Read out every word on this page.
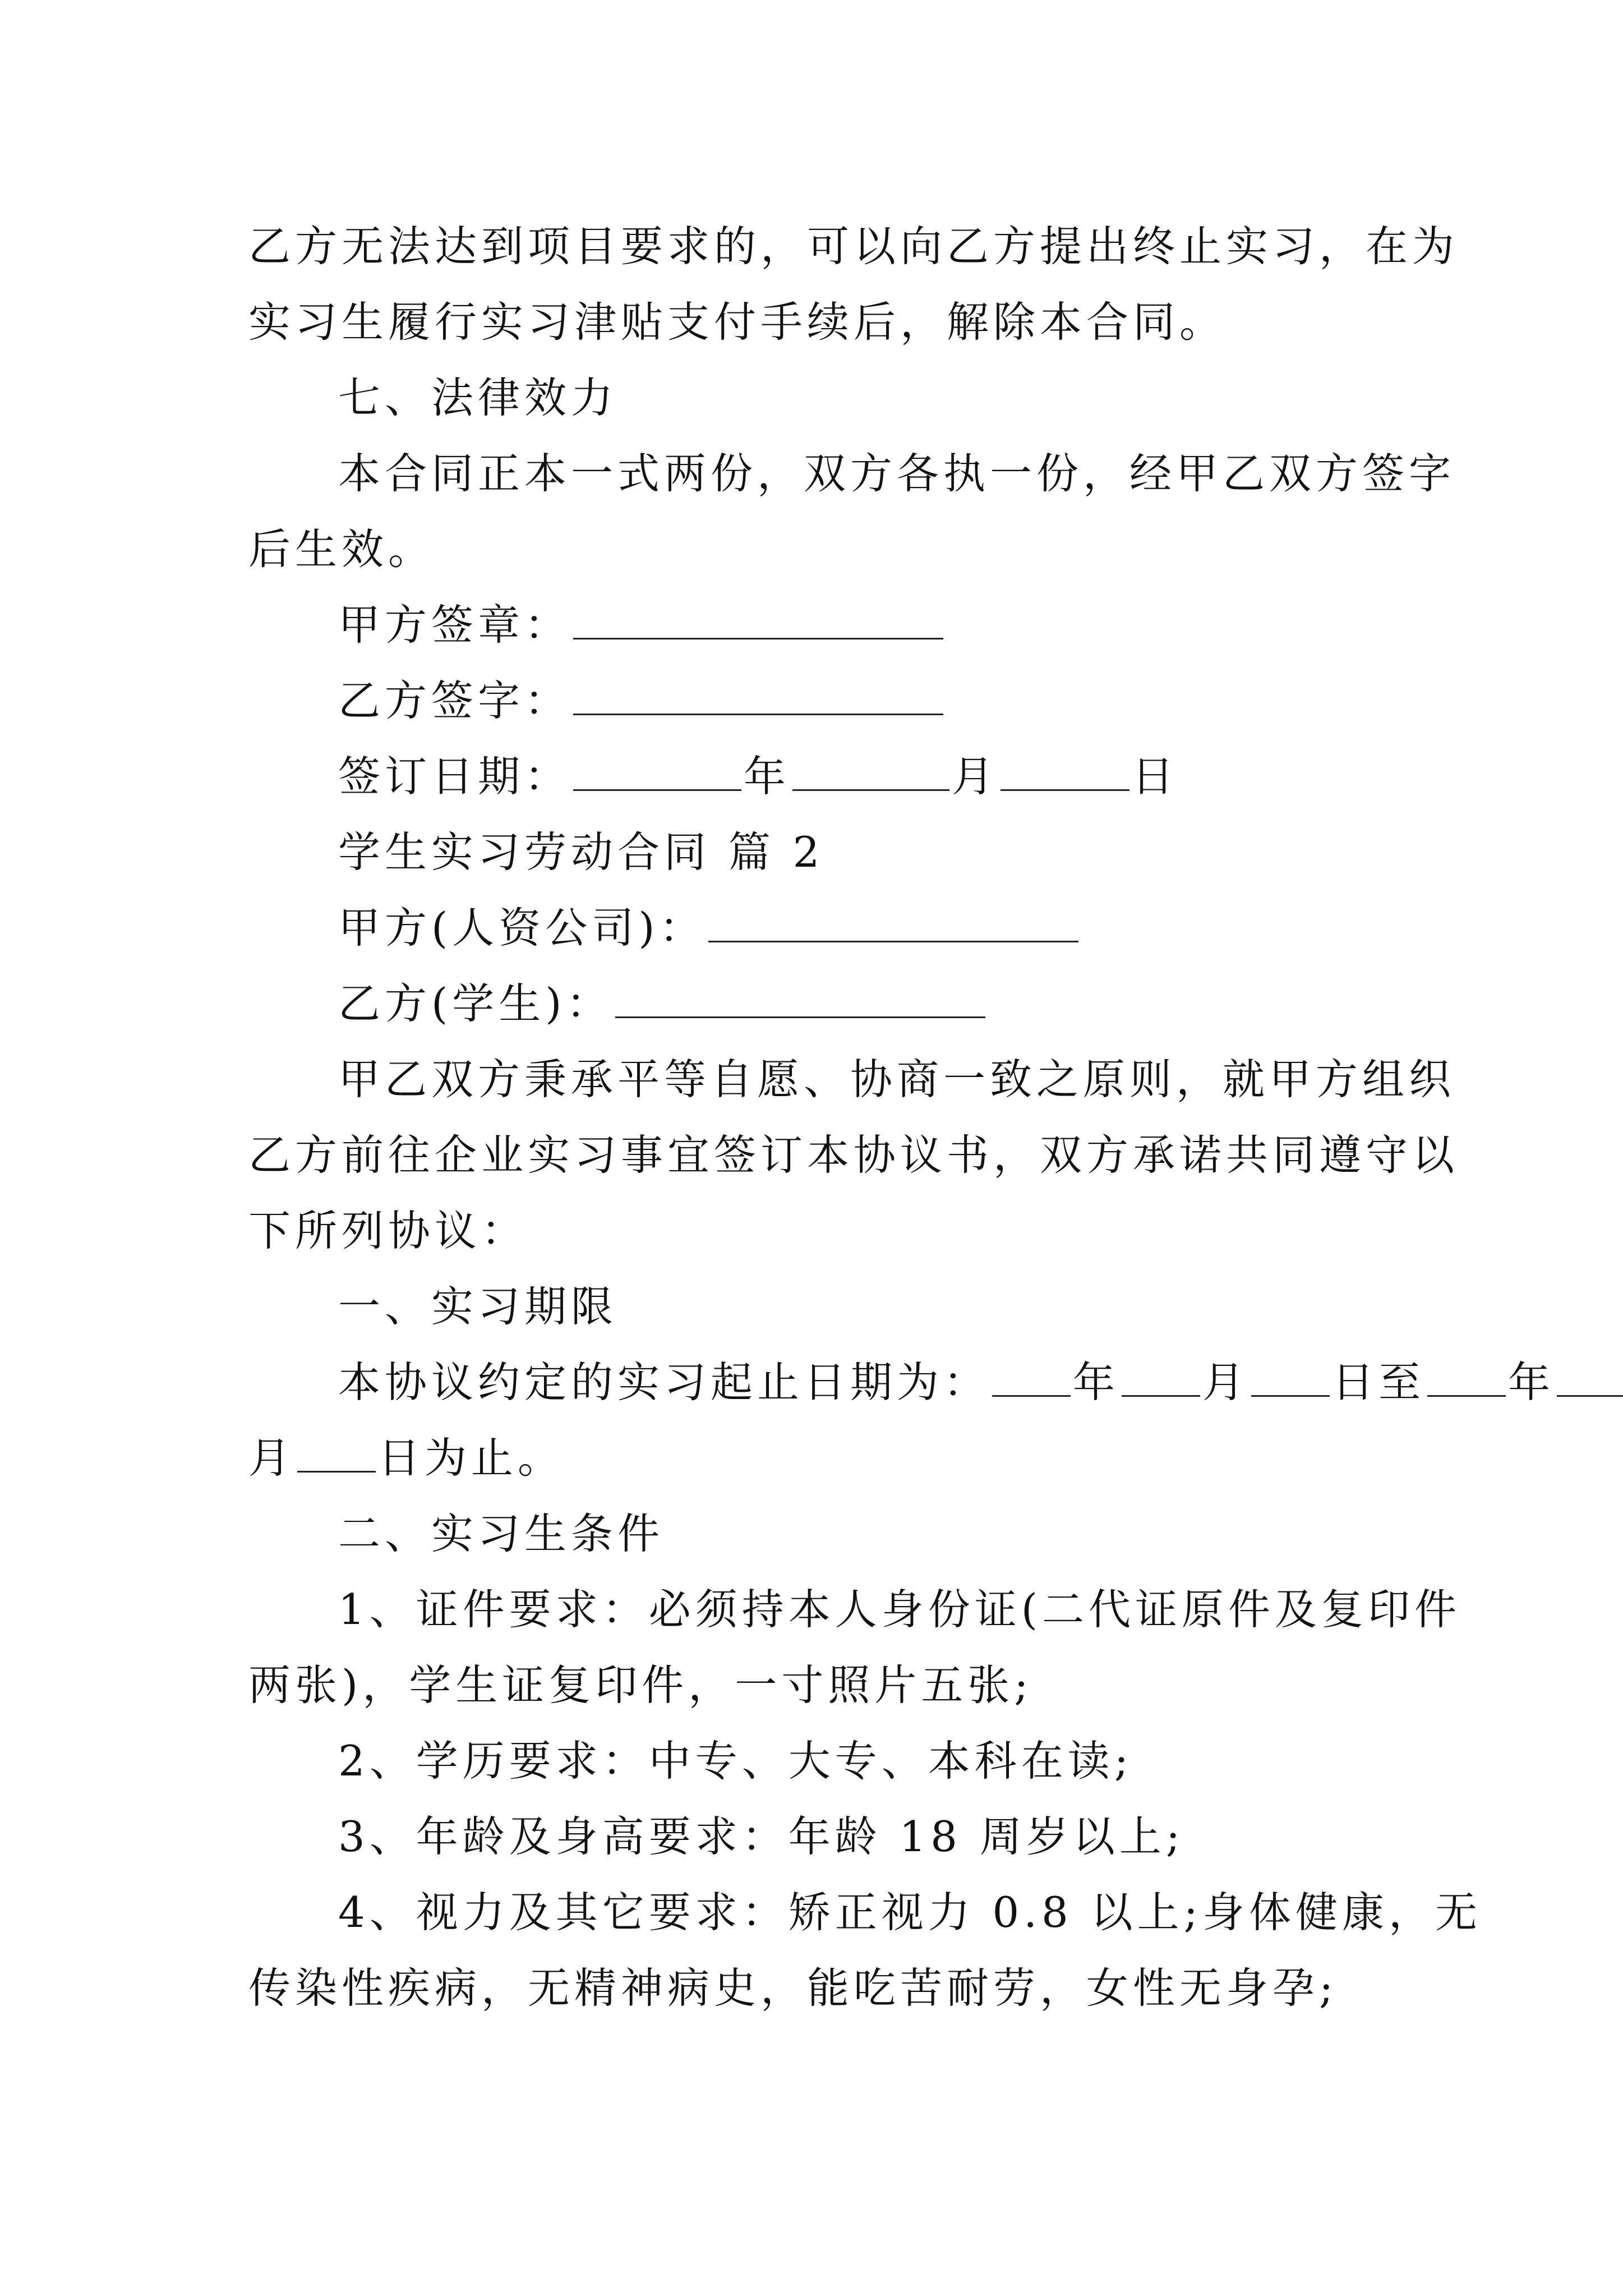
乙方无法达到项目要求的，可以向乙方提出终止实习，在为
实习生履行实习津贴支付手续后，解除本合同。
七、法律效力
本合同正本一式两份，双方各执一份，经甲乙双方签字
后生效。
甲方签章：
乙方签字：
签订日期：	年	月	日
学生实习劳动合同 篇 2
甲方(人资公司)：
乙方(学生)：
甲乙双方秉承平等自愿、协商一致之原则，就甲方组织
乙方前往企业实习事宜签订本协议书，双方承诺共同遵守以
下所列协议：
一、实习期限
本协议约定的实习起止日期为： 年 月 日至 年
月 日为止。
二、实习生条件
1、证件要求：必须持本人身份证(二代证原件及复印件
两张)，学生证复印件，一寸照片五张;
2、学历要求：中专、大专、本科在读;
3、年龄及身高要求：年龄 18 周岁以上;
4、视力及其它要求：矫正视力 0.8 以上;身体健康，无
传染性疾病，无精神病史，能吃苦耐劳，女性无身孕;
